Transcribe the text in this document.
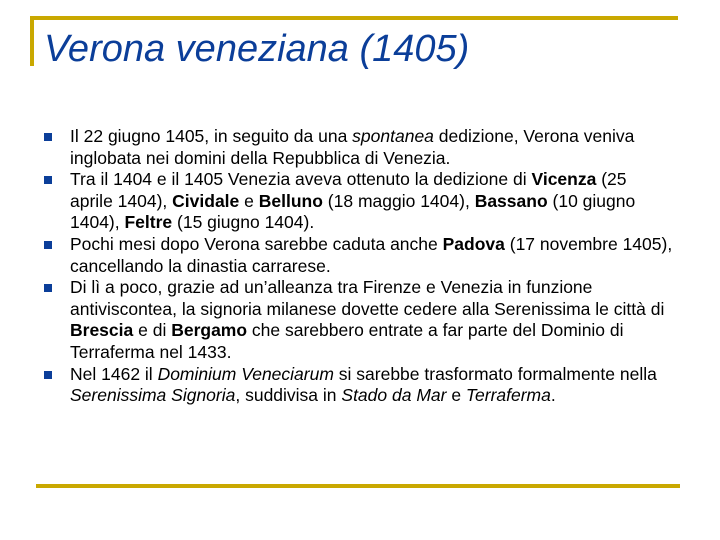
Verona veneziana (1405)
Il 22 giugno 1405, in seguito da una spontanea dedizione, Verona veniva inglobata nei domini della Repubblica di Venezia.
Tra il 1404 e il 1405 Venezia aveva ottenuto la dedizione di Vicenza (25 aprile 1404), Cividale e Belluno (18 maggio 1404), Bassano (10 giugno 1404), Feltre (15 giugno 1404).
Pochi mesi dopo Verona sarebbe caduta anche Padova (17 novembre 1405), cancellando la dinastia carrarese.
Di lì a poco, grazie ad un’alleanza tra Firenze e Venezia in funzione antiviscontea, la signoria milanese dovette cedere alla Serenissima le città di Brescia e di Bergamo che sarebbero entrate a far parte del Dominio di Terraferma nel 1433.
Nel 1462 il Dominium Veneciarum si sarebbe trasformato formalmente nella Serenissima Signoria, suddivisa in Stado da Mar e Terraferma.
